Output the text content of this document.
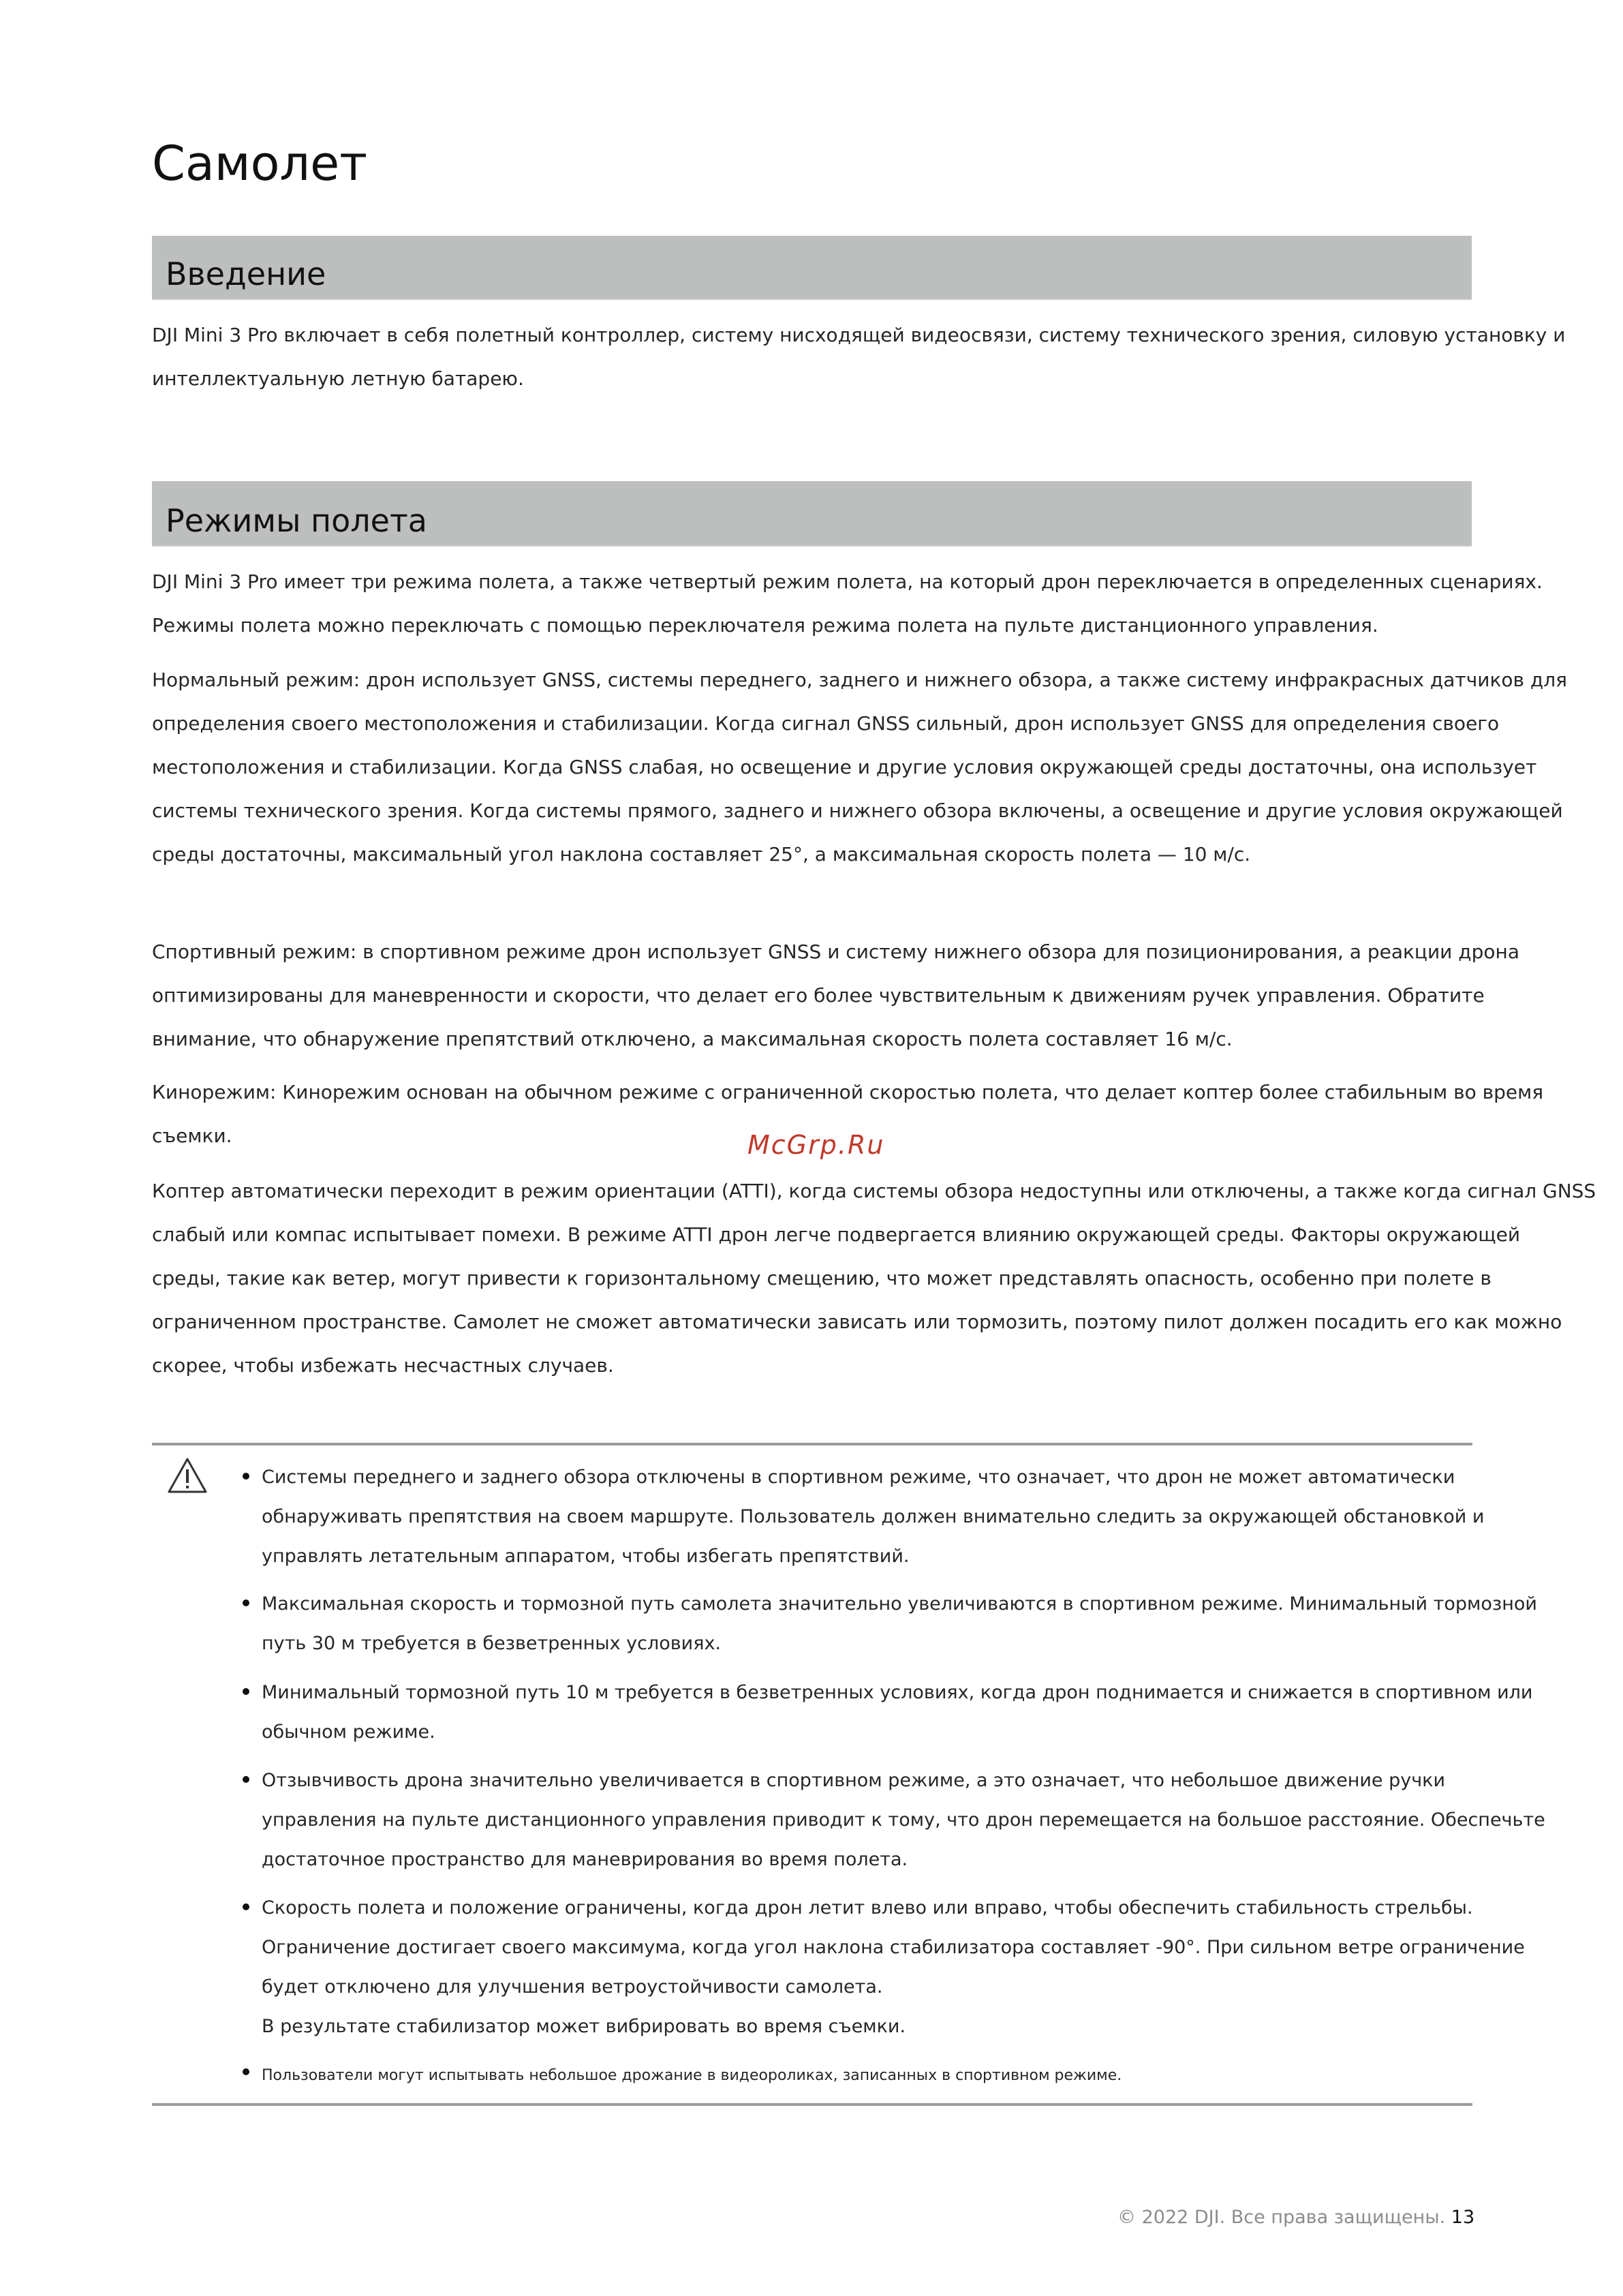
Самолет
Введение
DJI Mini 3 Pro включает в себя полетный контроллер, систему нисходящей видеосвязи, систему технического зрения, силовую установку и
интеллектуальную летную батарею.
Режимы полета
DJI Mini 3 Pro имеет три режима полета, а также четвертый режим полета, на который дрон переключается в определенных сценариях.
Режимы полета можно переключать с помощью переключателя режима полета на пульте дистанционного управления.
Нормальный режим: дрон использует GNSS, системы переднего, заднего и нижнего обзора, а также систему инфракрасных датчиков для
определения своего местоположения и стабилизации. Когда сигнал GNSS сильный, дрон использует GNSS для определения своего
местоположения и стабилизации. Когда GNSS слабая, но освещение и другие условия окружающей среды достаточны, она использует
системы технического зрения. Когда системы прямого, заднего и нижнего обзора включены, а освещение и другие условия окружающей
среды достаточны, максимальный угол наклона составляет 25°, а максимальная скорость полета — 10 м/с.
Спортивный режим: в спортивном режиме дрон использует GNSS и систему нижнего обзора для позиционирования, а реакции дрона
оптимизированы для маневренности и скорости, что делает его более чувствительным к движениям ручек управления. Обратите
внимание, что обнаружение препятствий отключено, а максимальная скорость полета составляет 16 м/с.
Кинорежим: Кинорежим основан на обычном режиме с ограниченной скоростью полета, что делает коптер более стабильным во время
съемки.	McGrp.Ru
Коптер автоматически переходит в режим ориентации (ATTI), когда системы обзора недоступны или отключены, а также когда сигнал GNSS
слабый или компас испытывает помехи. В режиме ATTI дрон легче подвергается влиянию окружающей среды. Факторы окружающей
среды, такие как ветер, могут привести к горизонтальному смещению, что может представлять опасность, особенно при полете в
ограниченном пространстве. Самолет не сможет автоматически зависать или тормозить, поэтому пилот должен посадить его как можно
скорее, чтобы избежать несчастных случаев.
Системы переднего и заднего обзора отключены в спортивном режиме, что означает, что дрон не может автоматически
обнаруживать препятствия на своем маршруте. Пользователь должен внимательно следить за окружающей обстановкой и
управлять летательным аппаратом, чтобы избегать препятствий.
Максимальная скорость и тормозной путь самолета значительно увеличиваются в спортивном режиме. Минимальный тормозной
путь 30 м требуется в безветренных условиях.
Минимальный тормозной путь 10 м требуется в безветренных условиях, когда дрон поднимается и снижается в спортивном или
обычном режиме.
Отзывчивость дрона значительно увеличивается в спортивном режиме, а это означает, что небольшое движение ручки
управления на пульте дистанционного управления приводит к тому, что дрон перемещается на большое расстояние. Обеспечьте
достаточное пространство для маневрирования во время полета.
Скорость полета и положение ограничены, когда дрон летит влево или вправо, чтобы обеспечить стабильность стрельбы.
Ограничение достигает своего максимума, когда угол наклона стабилизатора составляет -90°. При сильном ветре ограничение
будет отключено для улучшения ветроустойчивости самолета.
В результате стабилизатор может вибрировать во время съемки.
Пользователи могут испытывать небольшое дрожание в видеороликах, записанных в спортивном режиме.
© 2022 DJI. Все права защищены. 13
